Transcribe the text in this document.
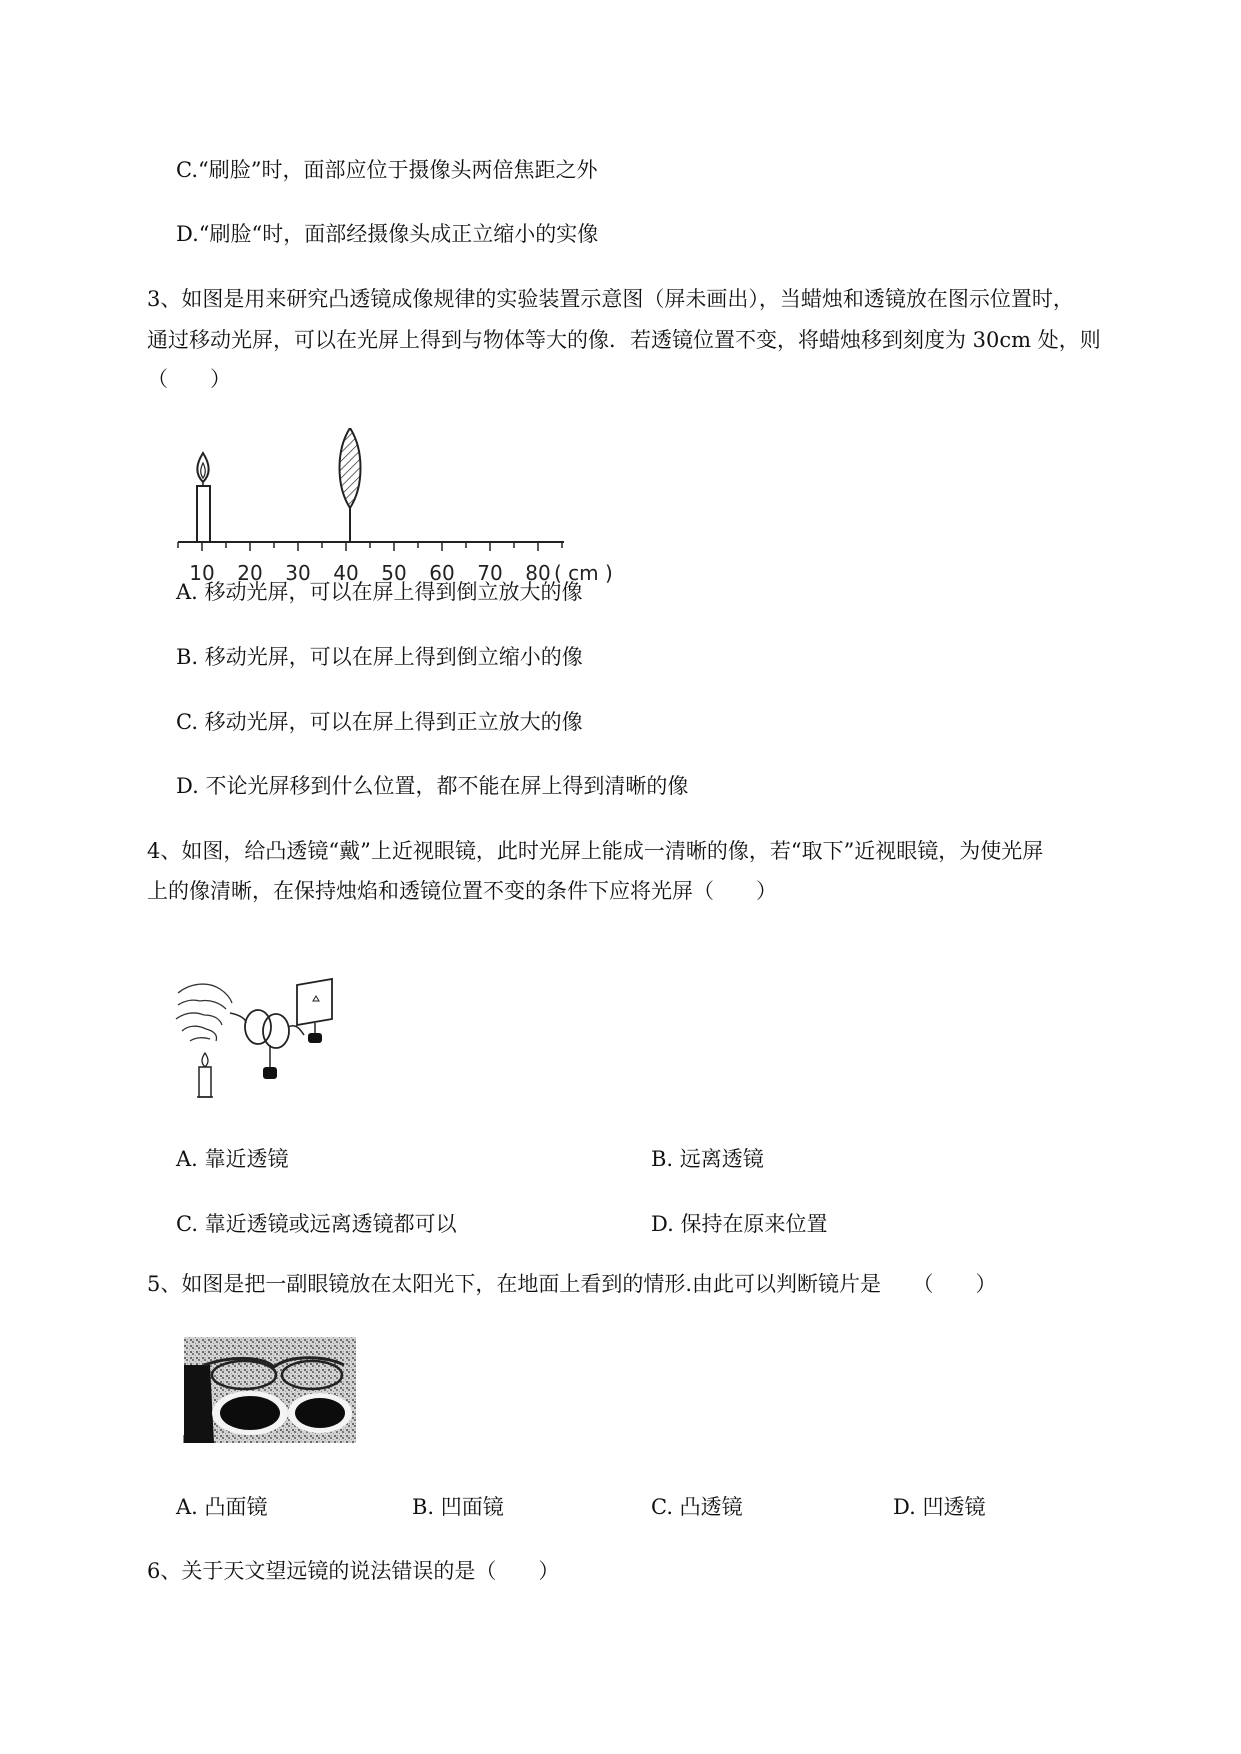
C.“刷脸”时，面部应位于摄像头两倍焦距之外
D.“刷脸“时，面部经摄像头成正立缩小的实像
3、如图是用来研究凸透镜成像规律的实验装置示意图（屏未画出），当蜡烛和透镜放在图示位置时，
通过移动光屏，可以在光屏上得到与物体等大的像．若透镜位置不变，将蜡烛移到刻度为 30cm 处，则
（　　）
10 20 30 40 50 60 70 80 ( cm )
A. 移动光屏，可以在屏上得到倒立放大的像
B. 移动光屏，可以在屏上得到倒立缩小的像
C. 移动光屏，可以在屏上得到正立放大的像
D. 不论光屏移到什么位置，都不能在屏上得到清晰的像
4、如图，给凸透镜“戴”上近视眼镜，此时光屏上能成一清晰的像，若“取下”近视眼镜，为使光屏
上的像清晰，在保持烛焰和透镜位置不变的条件下应将光屏（　　）
A. 靠近透镜	B. 远离透镜
C. 靠近透镜或远离透镜都可以	D. 保持在原来位置
5、如图是把一副眼镜放在太阳光下，在地面上看到的情形.由此可以判断镜片是　　（　　）
A. 凸面镜	B. 凹面镜	C. 凸透镜	D. 凹透镜
6、关于天文望远镜的说法错误的是（　　）
